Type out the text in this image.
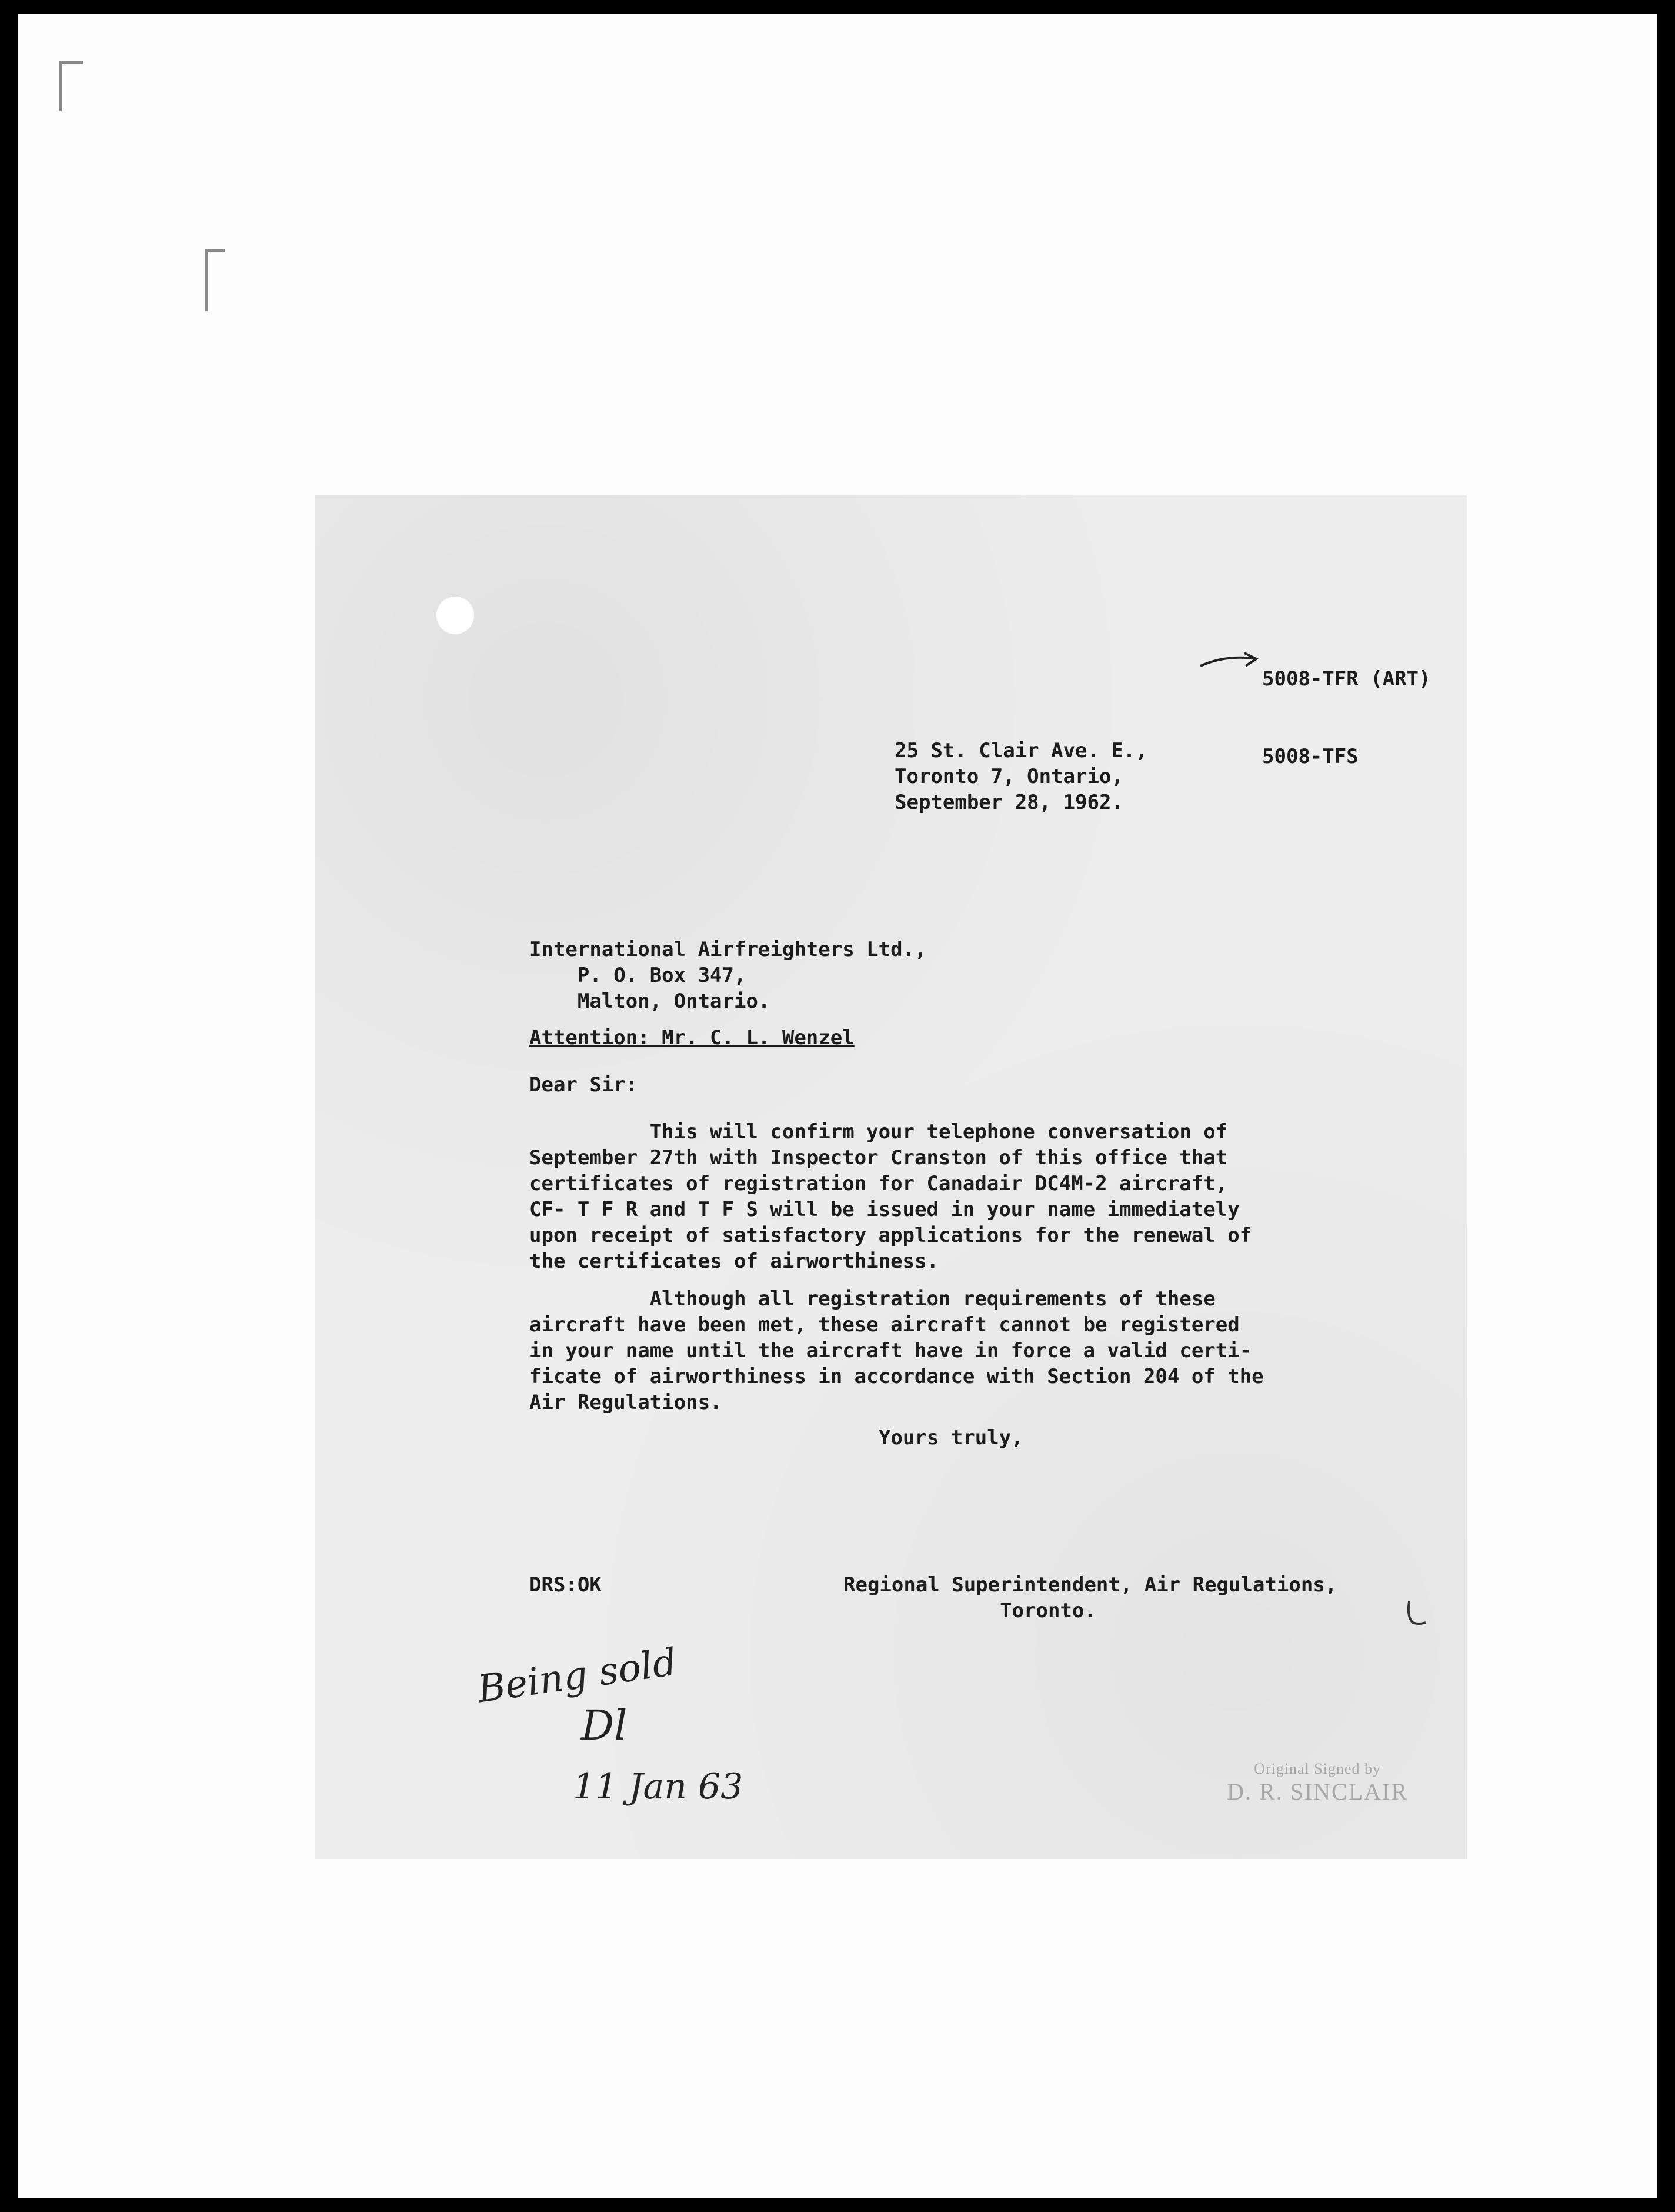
5008-TFR (ART)

5008-TFS

25 St. Clair Ave. E.,
Toronto 7, Ontario,
September 28, 1962.

International Airfreighters Ltd.,
P. O. Box 347,
Malton, Ontario.

Attention: Mr. C. L. Wenzel

Dear Sir:

This will confirm your telephone conversation of
September 27th with Inspector Cranston of this office that
certificates of registration for Canadair DC4M-2 aircraft,
CF- T F R and T F S will be issued in your name immediately
upon receipt of satisfactory applications for the renewal of
the certificates of airworthiness.

Although all registration requirements of these
aircraft have been met, these aircraft cannot be registered
in your name until the aircraft have in force a valid certi-
ficate of airworthiness in accordance with Section 204 of the
Air Regulations.

Yours truly,

DRS:OK	Regional Superintendent, Air Regulations,
Toronto.

Being sold
Dl
11 Jan 63	Original Signed by
D. R. SINCLAIR
